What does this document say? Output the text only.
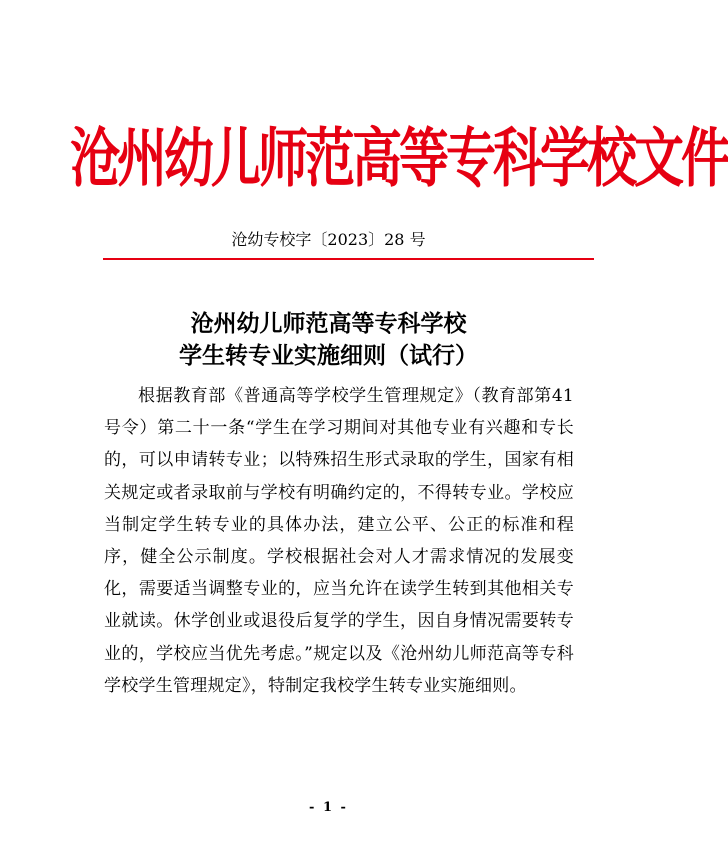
沧州幼儿师范高等专科学校文件
沧幼专校字〔2023〕28 号
沧州幼儿师范高等专科学校
学生转专业实施细则（试行）

根据教育部《普通高等学校学生管理规定》（教育部第41号令）第二十一条“学生在学习期间对其他专业有兴趣和专长的，可以申请转专业；以特殊招生形式录取的学生，国家有相关规定或者录取前与学校有明确约定的，不得转专业。学校应当制定学生转专业的具体办法，建立公平、公正的标准和程序，健全公示制度。学校根据社会对人才需求情况的发展变化，需要适当调整专业的，应当允许在读学生转到其他相关专业就读。休学创业或退役后复学的学生，因自身情况需要转专业的，学校应当优先考虑。”规定以及《沧州幼儿师范高等专科学校学生管理规定》，特制定我校学生转专业实施细则。

- 1 -
